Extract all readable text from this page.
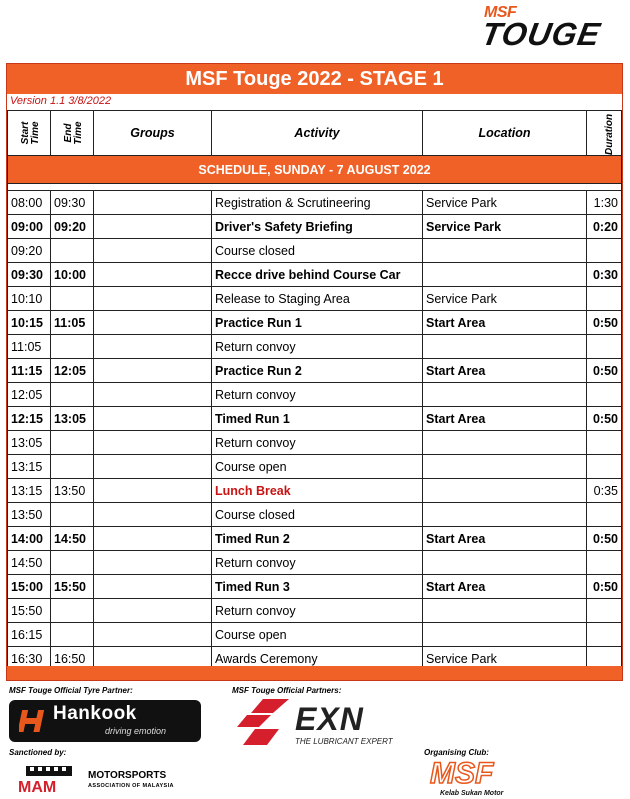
MSF
TOUGE
MSF Touge 2022 - STAGE 1
Version 1.1 3/8/2022
Start Time	End Time	Groups	Activity	Location	Duration
SCHEDULE, SUNDAY - 7 AUGUST 2022					

08:00	09:30		Registration & Scrutineering	Service Park	1:30
09:00	09:20		Driver's Safety Briefing	Service Park	0:20
09:20			Course closed		
09:30	10:00		Recce drive behind Course Car		0:30
10:10			Release to Staging Area	Service Park	
10:15	11:05		Practice Run 1	Start Area	0:50
11:05			Return convoy		
11:15	12:05		Practice Run 2	Start Area	0:50
12:05			Return convoy		
12:15	13:05		Timed Run 1	Start Area	0:50
13:05			Return convoy		
13:15			Course open		
13:15	13:50		Lunch Break		0:35
13:50			Course closed		
14:00	14:50		Timed Run 2	Start Area	0:50
14:50			Return convoy		
15:00	15:50		Timed Run 3	Start Area	0:50
15:50			Return convoy		
16:15			Course open		
16:30	16:50		Awards Ceremony	Service Park	
MSF Touge Official Tyre Partner:	MSF Touge Official Partners:
Hankook
driving emotion	EXN
THE LUBRICANT EXPERT
Sanctioned by:	Organising Club:
MAM
MOTORSPORTS
ASSOCIATION OF MALAYSIA	MSF
Kelab Sukan Motor
